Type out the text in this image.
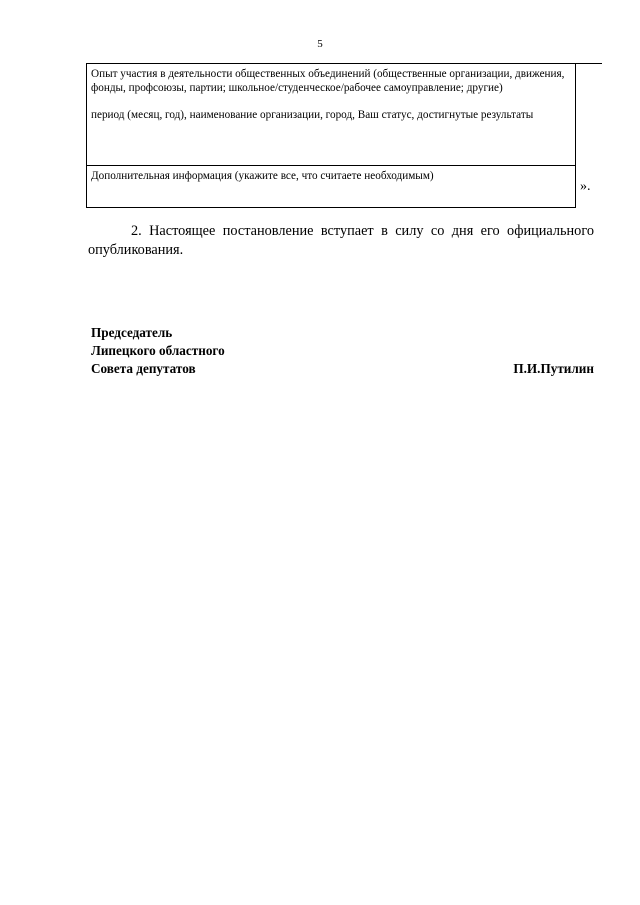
5

Опыт участия в деятельности общественных объединений (общественные организации, движения, фонды, профсоюзы, партии; школьное/студенческое/рабочее самоуправление; другие)

период (месяц, год), наименование организации, город, Ваш статус, достигнутые результаты

Дополнительная информация (укажите все, что считаете необходимым)
».

2. Настоящее постановление вступает в силу со дня его официального опубликования.

Председатель
Липецкого областного
Совета депутатов	П.И.Путилин
